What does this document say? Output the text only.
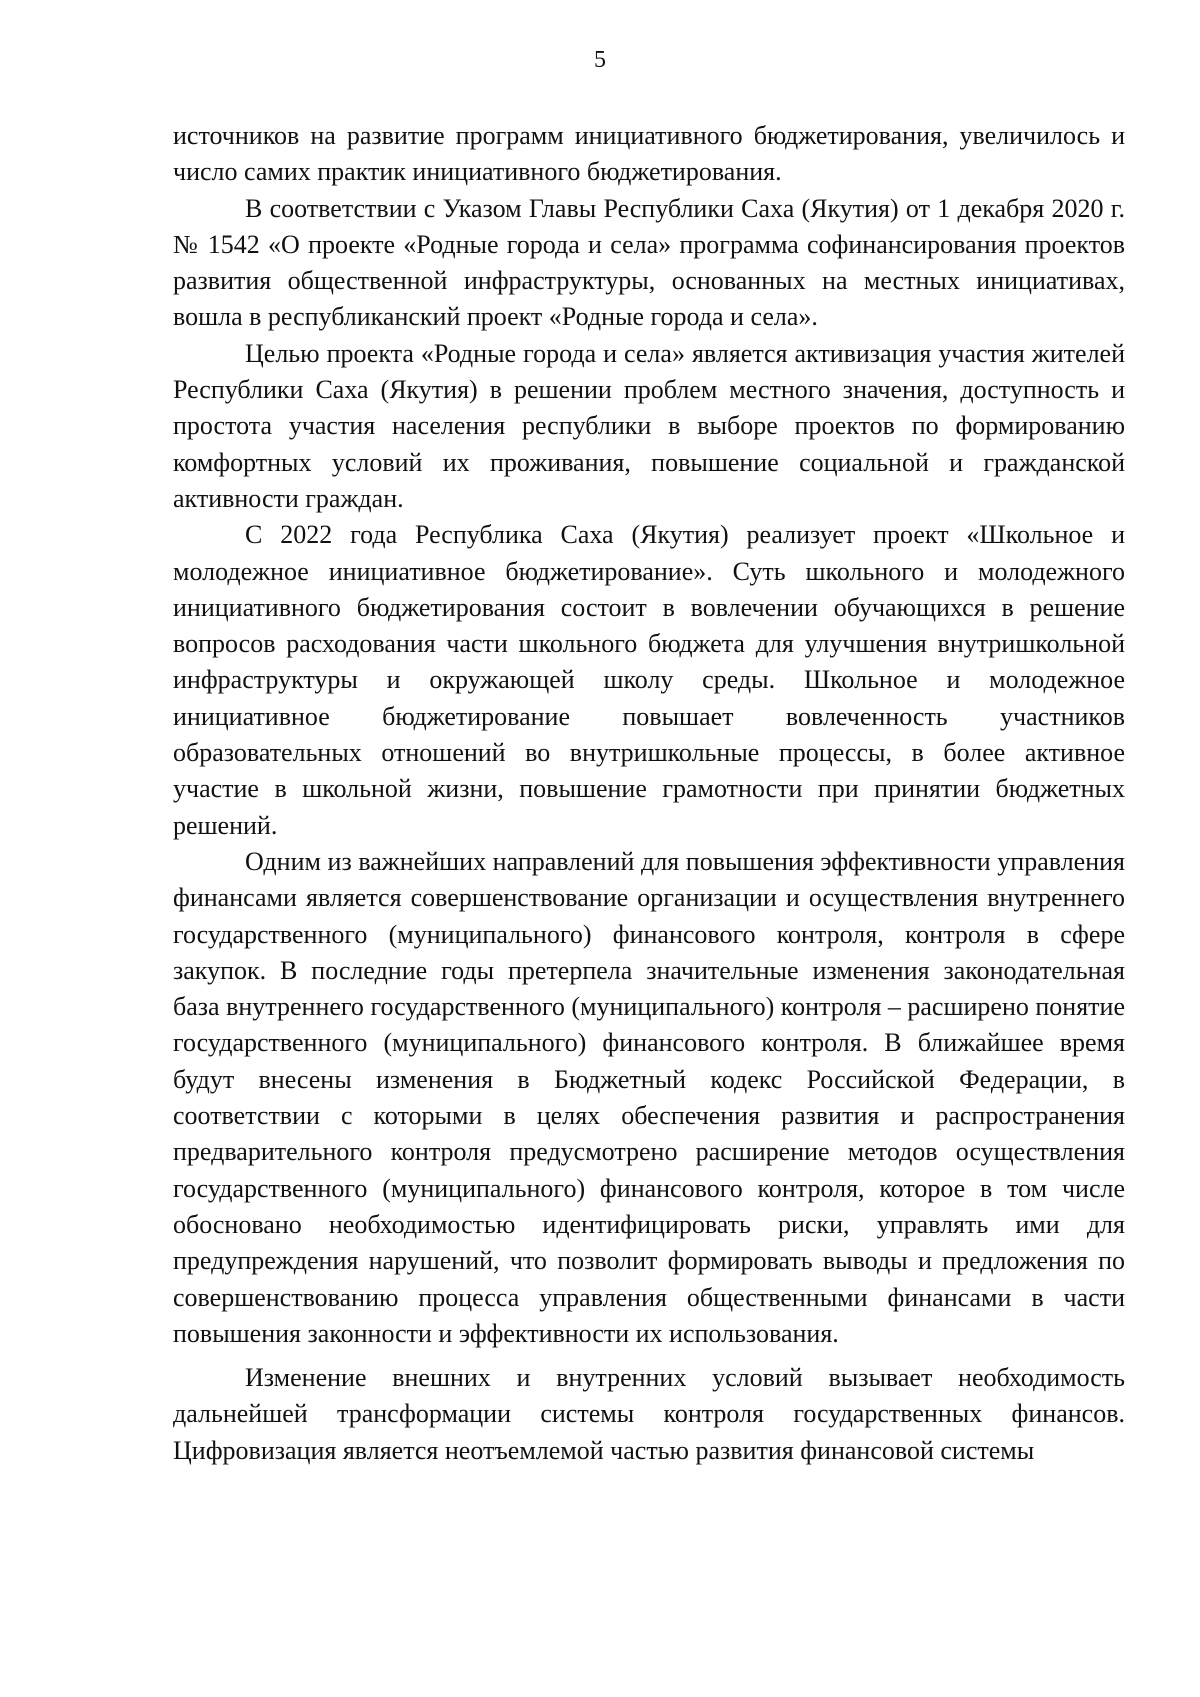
5

источников на развитие программ инициативного бюджетирования, увеличилось и число самих практик инициативного бюджетирования.

В соответствии с Указом Главы Республики Саха (Якутия) от 1 декабря 2020 г. № 1542 «О проекте «Родные города и села» программа софинансирования проектов развития общественной инфраструктуры, основанных на местных инициативах, вошла в республиканский проект «Родные города и села».

Целью проекта «Родные города и села» является активизация участия жителей Республики Саха (Якутия) в решении проблем местного значения, доступность и простота участия населения республики в выборе проектов по формированию комфортных условий их проживания, повышение социальной и гражданской активности граждан.

С 2022 года Республика Саха (Якутия) реализует проект «Школьное и молодежное инициативное бюджетирование». Суть школьного и молодежного инициативного бюджетирования состоит в вовлечении обучающихся в решение вопросов расходования части школьного бюджета для улучшения внутришкольной инфраструктуры и окружающей школу среды. Школьное и молодежное инициативное бюджетирование повышает вовлеченность участников образовательных отношений во внутришкольные процессы, в более активное участие в школьной жизни, повышение грамотности при принятии бюджетных решений.

Одним из важнейших направлений для повышения эффективности управления финансами является совершенствование организации и осуществления внутреннего государственного (муниципального) финансового контроля, контроля в сфере закупок. В последние годы претерпела значительные изменения законодательная база внутреннего государственного (муниципального) контроля – расширено понятие государственного (муниципального) финансового контроля. В ближайшее время будут внесены изменения в Бюджетный кодекс Российской Федерации, в соответствии с которыми в целях обеспечения развития и распространения предварительного контроля предусмотрено расширение методов осуществления государственного (муниципального) финансового контроля, которое в том числе обосновано необходимостью идентифицировать риски, управлять ими для предупреждения нарушений, что позволит формировать выводы и предложения по совершенствованию процесса управления общественными финансами в части повышения законности и эффективности их использования.

Изменение внешних и внутренних условий вызывает необходимость дальнейшей трансформации системы контроля государственных финансов. Цифровизация является неотъемлемой частью развития финансовой системы
